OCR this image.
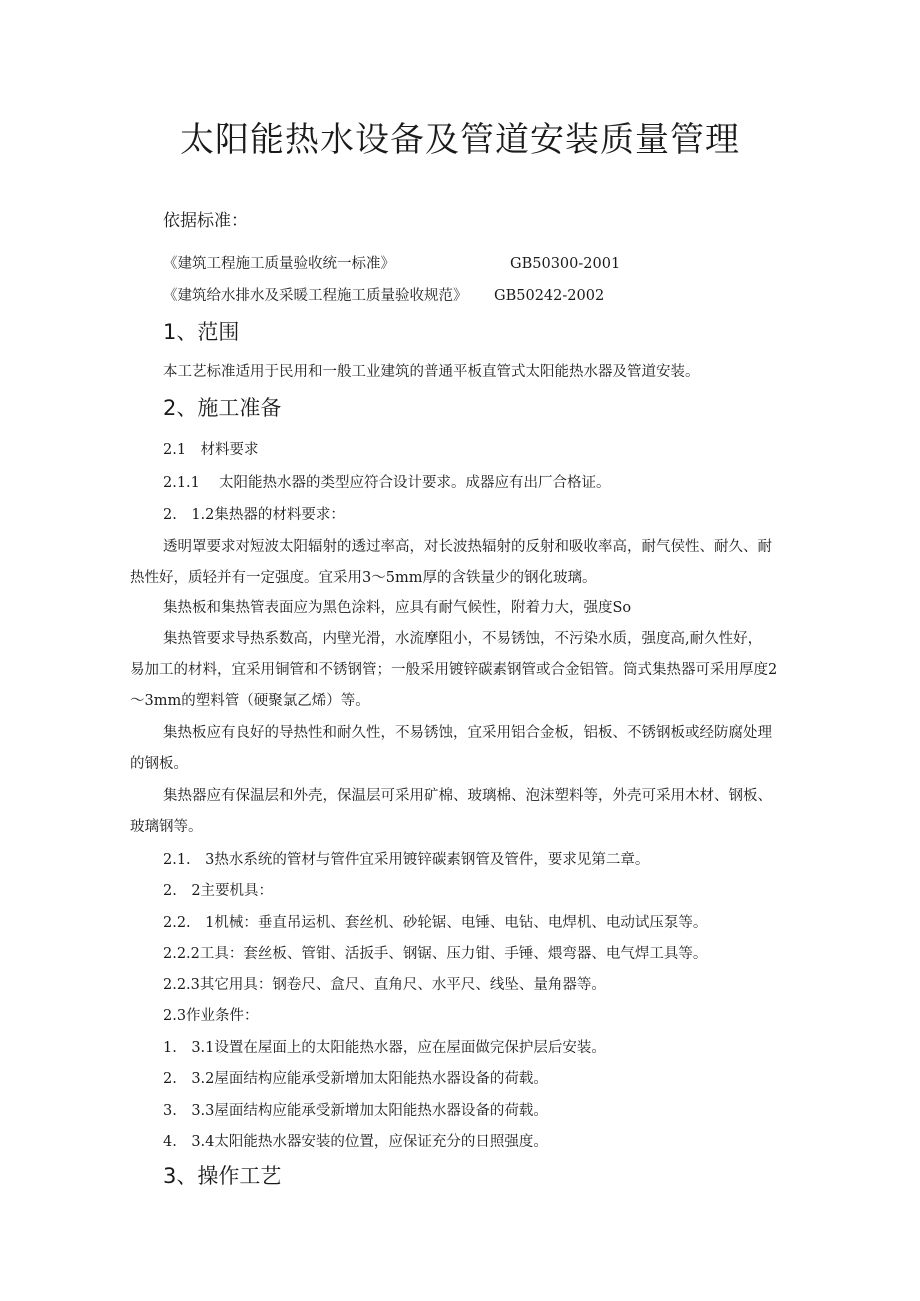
太阳能热水设备及管道安装质量管理
依据标准：
《建筑工程施工质量验收统一标准》	GB50300-2001
《建筑给水排水及采暖工程施工质量验收规范》 GB50242-2002
1、范围
本工艺标准适用于民用和一般工业建筑的普通平板直管式太阳能热水器及管道安装。
2、施工准备
2.1　材料要求
2.1.1　 太阳能热水器的类型应符合设计要求。成器应有出厂合格证。
2.　1.2集热器的材料要求：
透明罩要求对短波太阳辐射的透过率高，对长波热辐射的反射和吸收率高，耐气侯性、耐久、耐
热性好，质轻并有一定强度。宜采用3～5mm厚的含铁量少的钢化玻璃。
集热板和集热管表面应为黑色涂料，应具有耐气候性，附着力大，强度So
集热管要求导热系数高，内壁光滑，水流摩阻小，不易锈蚀，不污染水质，强度高,耐久性好，
易加工的材料，宜采用铜管和不锈钢管；一般采用镀锌碳素钢管或合金铝管。筒式集热器可采用厚度2
～3mm的塑料管（硬聚氯乙烯）等。
集热板应有良好的导热性和耐久性，不易锈蚀，宜采用铝合金板，铝板、不锈钢板或经防腐处理
的钢板。
集热器应有保温层和外壳，保温层可采用矿棉、玻璃棉、泡沫塑料等，外壳可采用木材、钢板、
玻璃钢等。
2.1.　3热水系统的管材与管件宜采用镀锌碳素钢管及管件，要求见第二章。
2.　2主要机具：
2.2.　1机械：垂直吊运机、套丝机、砂轮锯、电锤、电钻、电焊机、电动试压泵等。
2.2.2工具：套丝板、管钳、活扳手、钢锯、压力钳、手锤、煨弯器、电气焊工具等。
2.2.3其它用具：钢卷尺、盒尺、直角尺、水平尺、线坠、量角器等。
2.3作业条件：
1.　3.1设置在屋面上的太阳能热水器，应在屋面做完保护层后安装。
2.　3.2屋面结构应能承受新增加太阳能热水器设备的荷载。
3.　3.3屋面结构应能承受新增加太阳能热水器设备的荷载。
4.　3.4太阳能热水器安装的位置，应保证充分的日照强度。
3、操作工艺
